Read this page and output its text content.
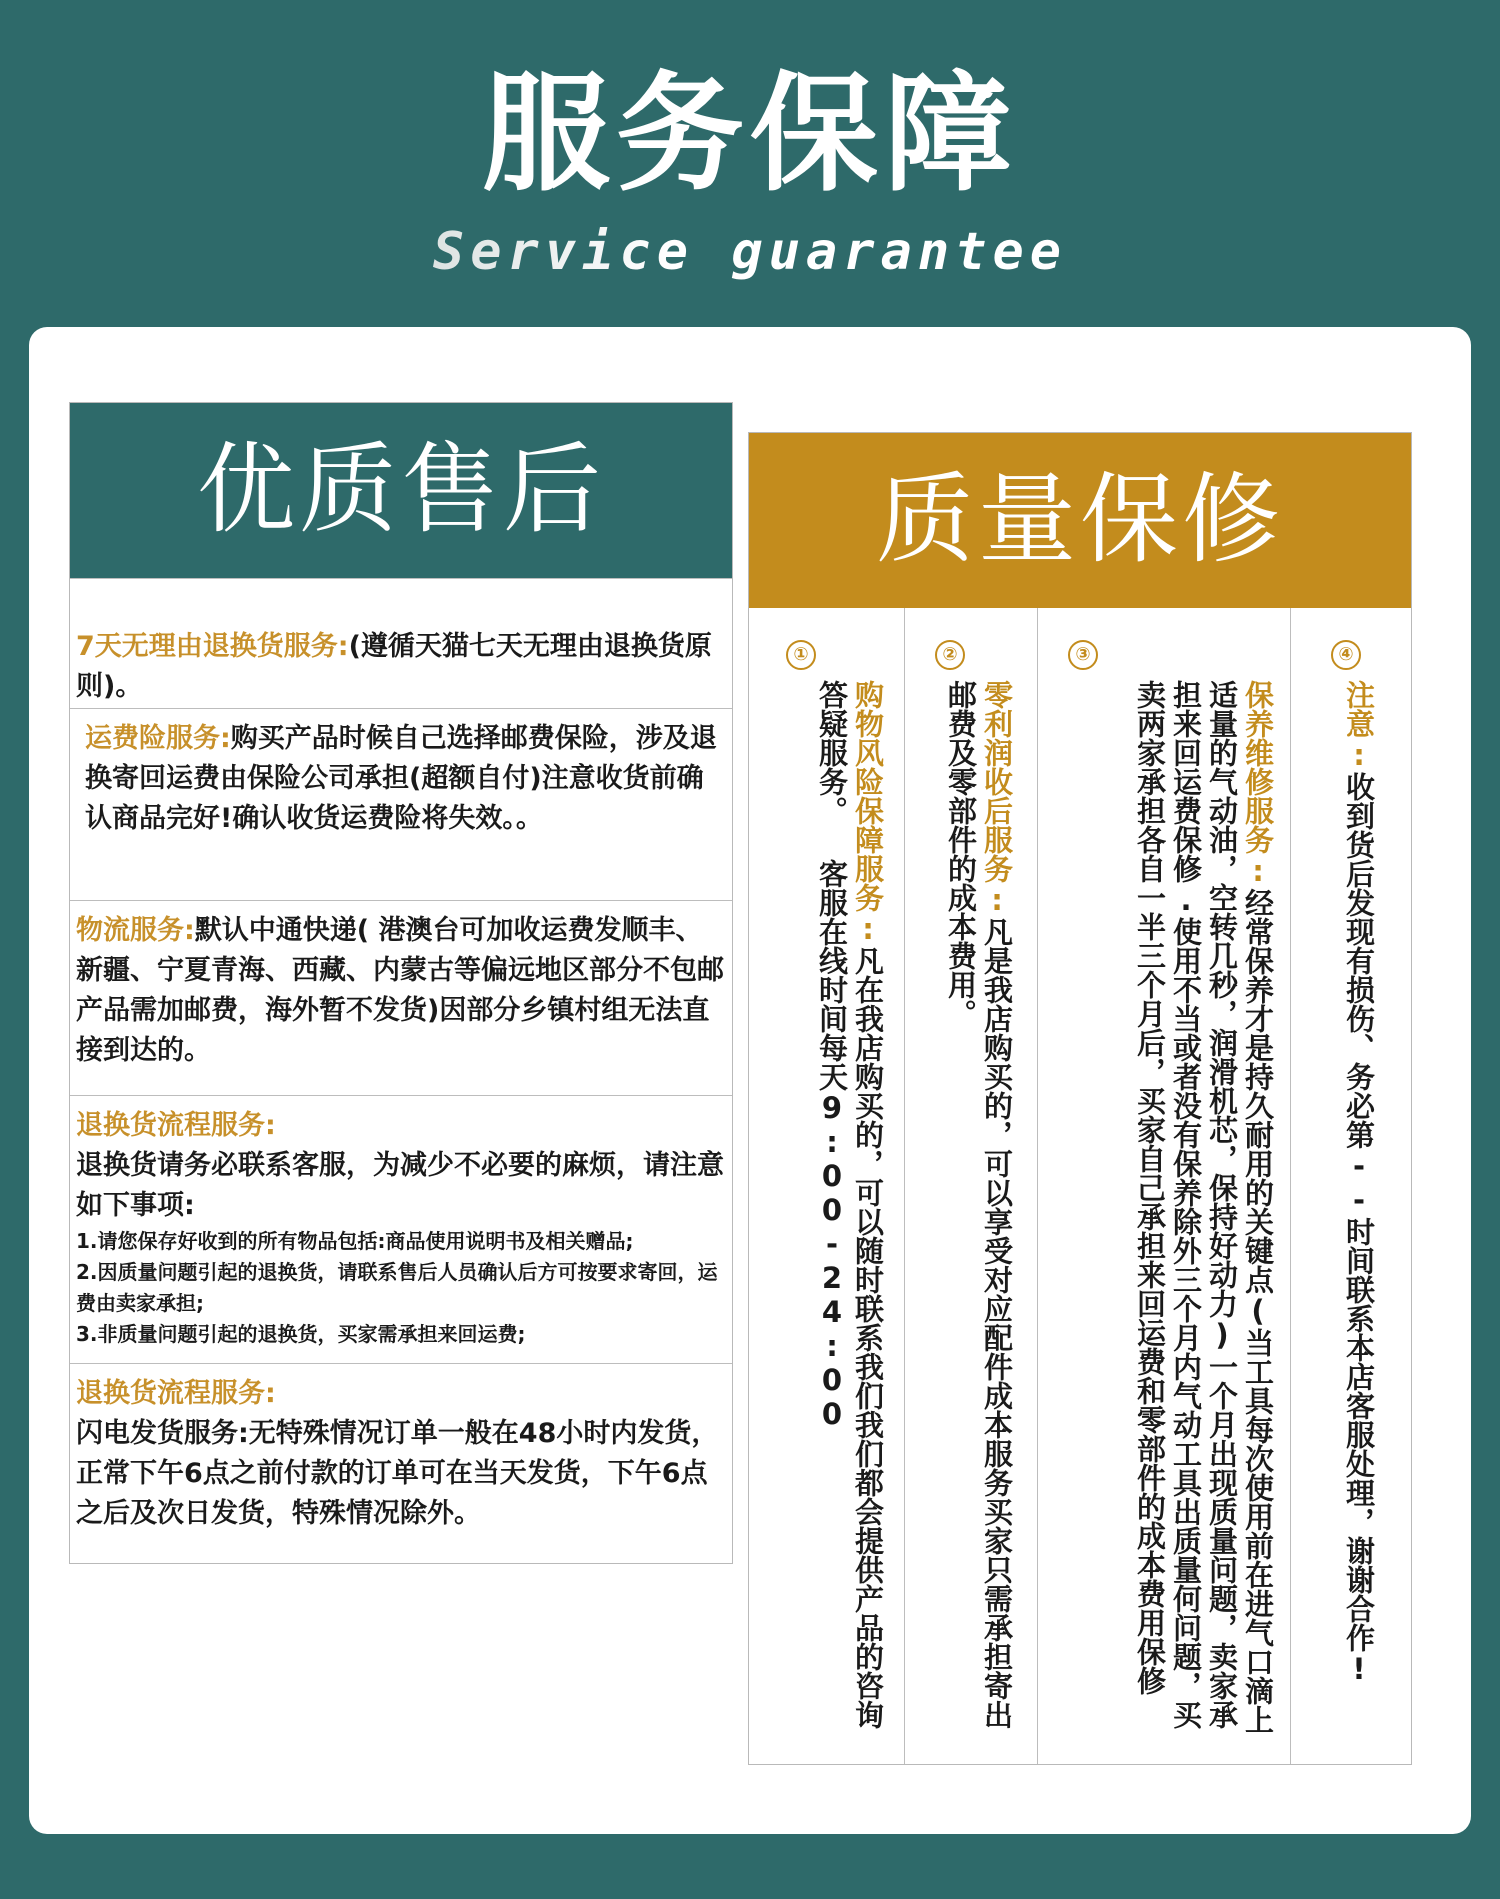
服务保障
Service guarantee
优质售后
7天无理由退换货服务:(遵循天猫七天无理由退换货原则)。
运费险服务:购买产品时候自己选择邮费保险，涉及退换寄回运费由保险公司承担(超额自付)注意收货前确认商品完好!确认收货运费险将失效。。
物流服务:默认中通快递( 港澳台可加收运费发顺丰、新疆、宁夏青海、西藏、内蒙古等偏远地区部分不包邮产品需加邮费，海外暂不发货)因部分乡镇村组无法直接到达的。
退换货流程服务:
退换货请务必联系客服，为减少不必要的麻烦，请注意如下事项:
1.请您保存好收到的所有物品包括:商品使用说明书及相关赠品;
2.因质量问题引起的退换货，请联系售后人员确认后方可按要求寄回，运费由卖家承担;
3.非质量问题引起的退换货，买家需承担来回运费;
退换货流程服务:
闪电发货服务:无特殊情况订单一般在48小时内发货， 正常下午6点之前付款的订单可在当天发货，下午6点之后及次日发货，特殊情况除外。
质量保修
①
购物风险保障服务:凡在我店购买的，可以随时联系我们我们都会提供产品的咨询答疑服务。 客服在线时间每天9:00-24:00
②
零利润收后服务:凡是我店购买的，可以享受对应配件成本服务买家只需承担寄出邮费及零部件的成本费用。
③
保养维修服务:经常保养才是持久耐用的关键点(当工具每次使用前在进气口滴上适量的气动油，空转几秒，润滑机芯，保持好动力)一个月出现质量问题，卖家承担来回运费保修.使用不当或者没有保养除外三个月内气动工具出质量何问题，买卖两家承担各自一半三个月后，买家自己承担来回运费和零部件的成本费用保修
④
注意:收到货后发现有损伤、务必第--时间联系本店客服处理，谢谢合作!
